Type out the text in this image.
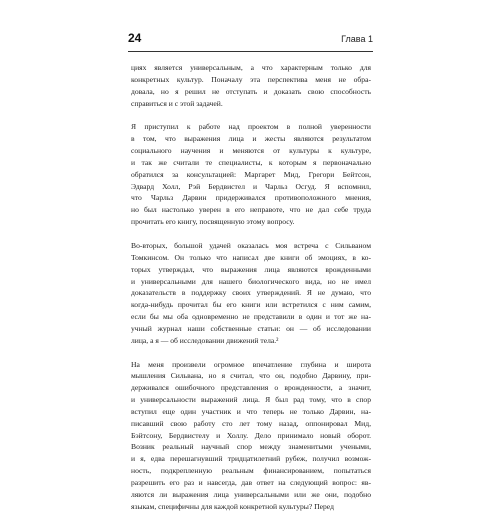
24	Глава 1
циях является универсальным, а что характерным только для
конкретных культур. Поначалу эта перспектива меня не обра-
довала, но я решил не отступать и доказать свою способность
справиться и с этой задачей.
Я приступил к работе над проектом в полной уверенности
в том, что выражения лица и жесты являются результатом
социального научения и меняются от культуры к культуре,
и так же считали те специалисты, к которым я первоначально
обратился за консультацией: Маргарет Мид, Грегори Бейтсон,
Эдвард Холл, Рэй Бердвистел и Чарльз Осгуд. Я вспомнил,
что Чарльз Дарвин придерживался противоположного мнения,
но был настолько уверен в его неправоте, что не дал себе труда
прочитать его книгу, посвященную этому вопросу.
Во-вторых, большой удачей оказалась моя встреча с Сильваном
Томкинсом. Он только что написал две книги об эмоциях, в ко-
торых утверждал, что выражения лица являются врожденными
и универсальными для нашего биологического вида, но не имел
доказательств в поддержку своих утверждений. Я не думаю, что
когда-нибудь прочитал бы его книги или встретился с ним самим,
если бы мы оба одновременно не представили в один и тот же на-
учный журнал наши собственные статьи: он — об исследовании
лица, а я — об исследовании движений тела.²
На меня произвели огромное впечатление глубина и широта
мышления Сильвана, но я считал, что он, подобно Дарвину, при-
держивался ошибочного представления о врожденности, а значит,
и универсальности выражений лица. Я был рад тому, что в спор
вступил еще один участник и что теперь не только Дарвин, на-
писавший свою работу сто лет тому назад, оппонировал Мид,
Бэйтсону, Бердвистелу и Холлу. Дело принимало новый оборот.
Возник реальный научный спор между знаменитыми учеными,
и я, едва перешагнувший тридцатилетний рубеж, получил возмож-
ность, подкрепленную реальным финансированием, попытаться
разрешить его раз и навсегда, дав ответ на следующий вопрос: яв-
ляются ли выражения лица универсальными или же они, подобно
языкам, специфичны для каждой конкретной культуры? Перед
